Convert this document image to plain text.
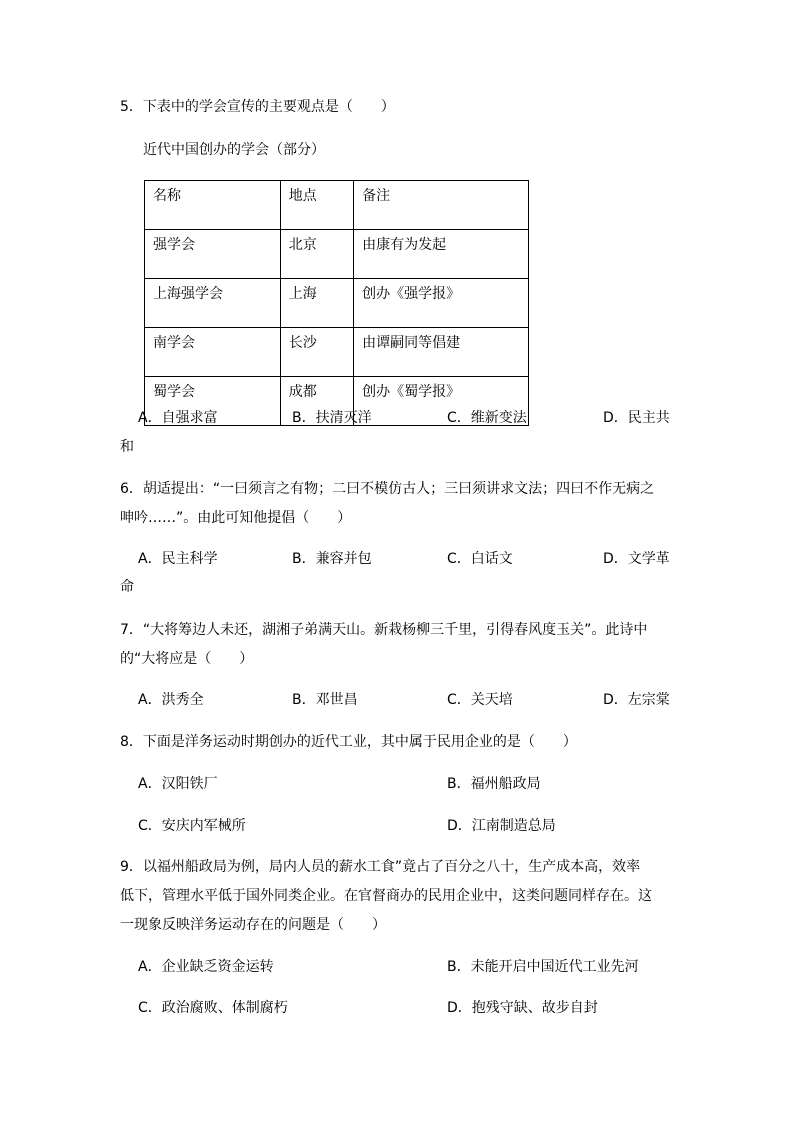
5．下表中的学会宣传的主要观点是（　　）
近代中国创办的学会（部分）
名称	地点	备注
强学会	北京	由康有为发起
上海强学会	上海	创办《强学报》
南学会	长沙	由谭嗣同等倡建
蜀学会	成都	创办《蜀学报》
A．自强求富	B．扶清灭洋	C．维新变法	D．民主共
和
6．胡适提出：“一曰须言之有物；二曰不模仿古人；三曰须讲求文法；四曰不作无病之
呻吟……”。由此可知他提倡（　　）
A．民主科学	B．兼容并包	C．白话文	D．文学革
命
7．“大将筹边人未还，湖湘子弟满天山。新栽杨柳三千里，引得春风度玉关”。此诗中
的“大将应是（　　）
A．洪秀全	B．邓世昌	C．关天培	D．左宗棠
8．下面是洋务运动时期创办的近代工业，其中属于民用企业的是（　　）
A．汉阳铁厂	B．福州船政局
C．安庆内军械所	D．江南制造总局
9．以福州船政局为例，局内人员的薪水工食”竟占了百分之八十，生产成本高，效率
低下，管理水平低于国外同类企业。在官督商办的民用企业中，这类问题同样存在。这
一现象反映洋务运动存在的问题是（　　）
A．企业缺乏资金运转	B．未能开启中国近代工业先河
C．政治腐败、体制腐朽	D．抱残守缺、故步自封
